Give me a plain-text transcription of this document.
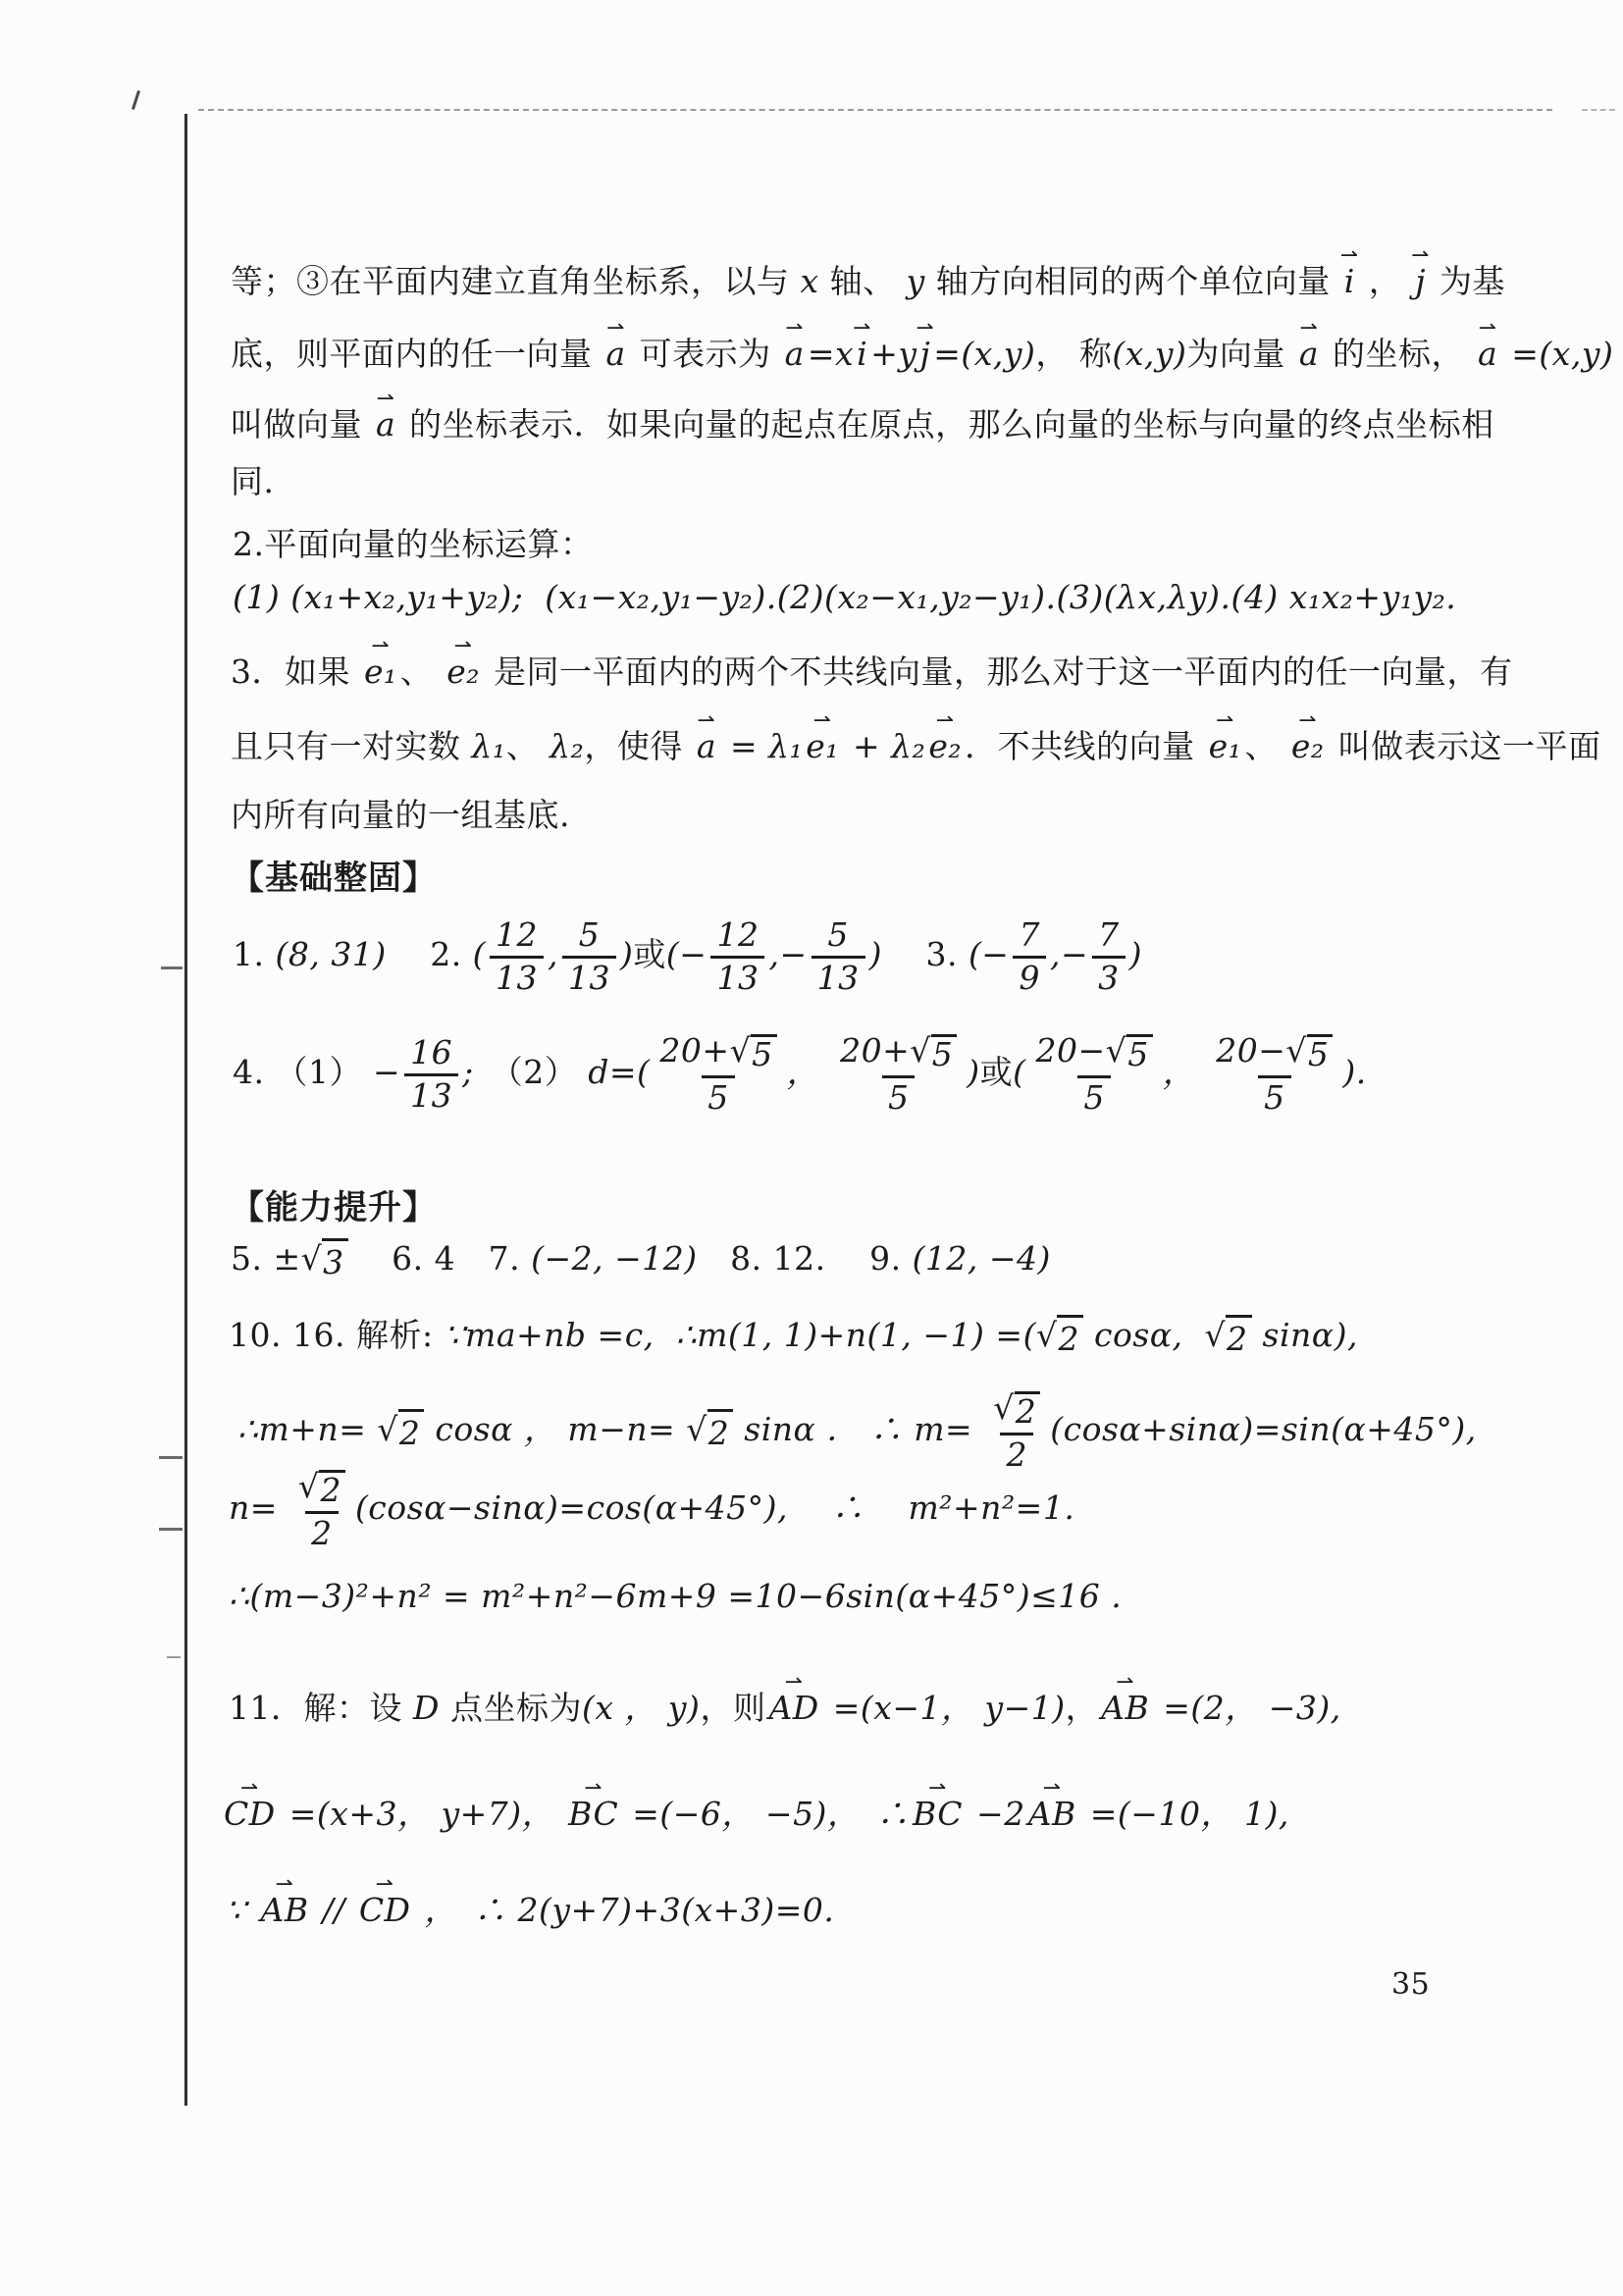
等；③在平面内建立直角坐标系，以与 x 轴、 y 轴方向相同的两个单位向量 ⇀ i ， ⇀ j 为基
底，则平面内的任一向量 ⇀ a 可表示为 ⇀ a=x⇀ i+y⇀ j=(x,y)， 称(x,y)为向量 ⇀ a 的坐标， ⇀ a =(x,y)
叫做向量 ⇀ a 的坐标表示．如果向量的起点在原点，那么向量的坐标与向量的终点坐标相
同.
2.平面向量的坐标运算：
(1) (x₁+x₂,y₁+y₂);  (x₁−x₂,y₁−y₂).(2)(x₂−x₁,y₂−y₁).(3)(λx,λy).(4) x₁x₂+y₁y₂.
3．如果 ⇀ e₁、 ⇀ e₂ 是同一平面内的两个不共线向量，那么对于这一平面内的任一向量，有
且只有一对实数 λ₁、 λ₂，使得 ⇀ a = λ₁⇀ e₁ + λ₂⇀ e₂．不共线的向量 ⇀ e₁、 ⇀ e₂ 叫做表示这一平面
内所有向量的一组基底.
【基础整固】
1. (8, 31)　 2. ( $\frac{12}{13}$ , $\frac{5}{13}$ )或(− $\frac{12}{13}$ ,− $\frac{5}{13}$ )　 3. (− $\frac{7}{9}$ ,− $\frac{7}{3}$ )
4. $(1) - \frac{16}{13}$ ;　（2） $d=( \frac{20+ √ 5}{5}$ ， $\frac{20+ √ 5}{5}$ )或( $\frac{20- √ 5}{5}$ ， $\frac{20- √ 5}{5}$ ).
【能力提升】
5. ± √ 3 　 6. 4　7. (−2, −12)　8. 12.　 9. (12, −4)
10. 16. 解析: ∵ma+nb =c,  ∴m(1, 1)+n(1, −1) =( √ 2 cosα, √ 2 sinα),
∴m+n= √ 2 cosα ， m−n= √ 2 sinα ． ∴ $m= \frac{√ 2}{2} (\cos\alpha+\sin\alpha)=\sin(\alpha+45^\circ)$,
$n= \frac{√ 2}{2} (\cos\alpha-\sin\alpha)=\cos(\alpha+45^\circ)$,　 ∴　 m²+n²=1.
∴(m−3)²+n² = m²+n²−6m+9 =10−6sin(α+45°)≤16 .
11．解：设 D 点坐标为(x ， y)，则⇀ AD =(x−1， y−1)，⇀ AB =(2， −3),
⇀ CD =(x+3， y+7)， ⇀ BC =(−6， −5)，　∴⇀ BC −2⇀ AB =(−10， 1),
∵ ⇀ AB // ⇀ CD ，　∴ 2(y+7)+3(x+3)=0.
35
